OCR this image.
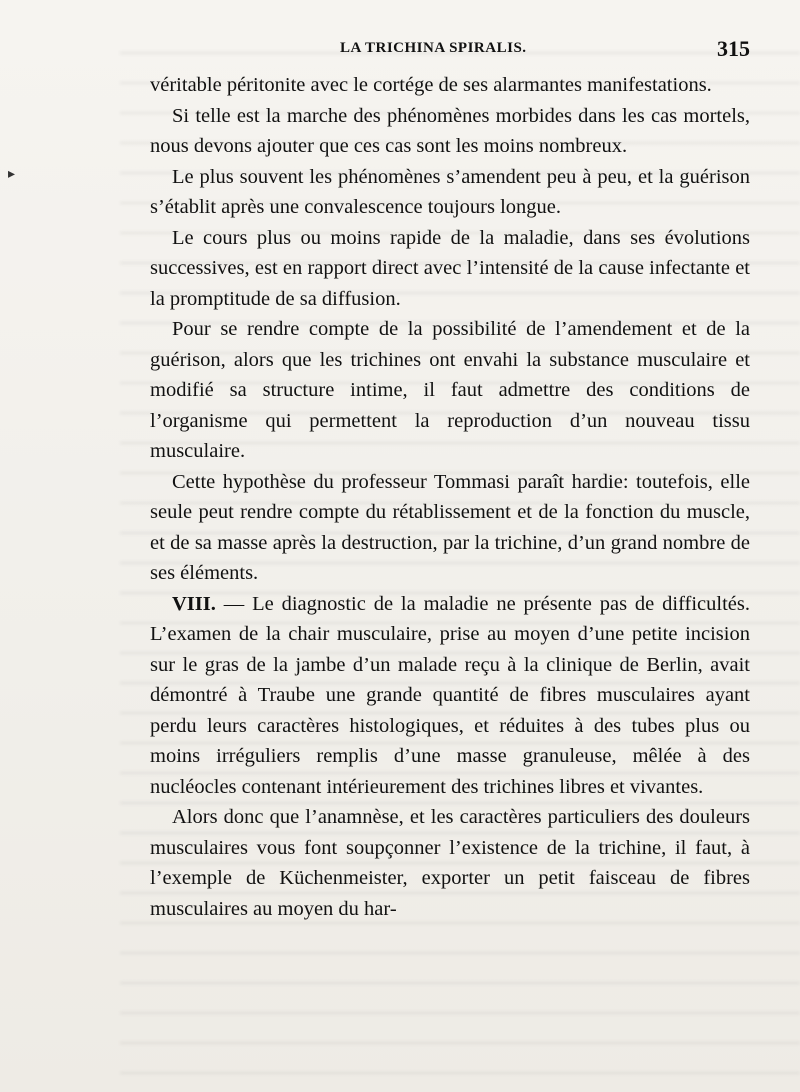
▸
LA TRICHINA SPIRALIS.	315

véritable péritonite avec le cortége de ses alarmantes manifestations.

Si telle est la marche des phénomènes morbides dans les cas mortels, nous devons ajouter que ces cas sont les moins nombreux.

Le plus souvent les phénomènes s’amendent peu à peu, et la guérison s’établit après une convalescence toujours longue.

Le cours plus ou moins rapide de la maladie, dans ses évolutions successives, est en rapport direct avec l’intensité de la cause infectante et la promptitude de sa diffusion.

Pour se rendre compte de la possibilité de l’amendement et de la guérison, alors que les trichines ont envahi la substance musculaire et modifié sa structure intime, il faut admettre des conditions de l’organisme qui permettent la reproduction d’un nouveau tissu musculaire.

Cette hypothèse du professeur Tommasi paraît hardie: toutefois, elle seule peut rendre compte du rétablissement et de la fonction du muscle, et de sa masse après la destruction, par la trichine, d’un grand nombre de ses éléments.

VIII. — Le diagnostic de la maladie ne présente pas de difficultés. L’examen de la chair musculaire, prise au moyen d’une petite incision sur le gras de la jambe d’un malade reçu à la clinique de Berlin, avait démontré à Traube une grande quantité de fibres musculaires ayant perdu leurs caractères histologiques, et réduites à des tubes plus ou moins irréguliers remplis d’une masse granuleuse, mêlée à des nucléocles contenant intérieurement des trichines libres et vivantes.

Alors donc que l’anamnèse, et les caractères particuliers des douleurs musculaires vous font soupçonner l’existence de la trichine, il faut, à l’exemple de Küchenmeister, exporter un petit faisceau de fibres musculaires au moyen du har-
